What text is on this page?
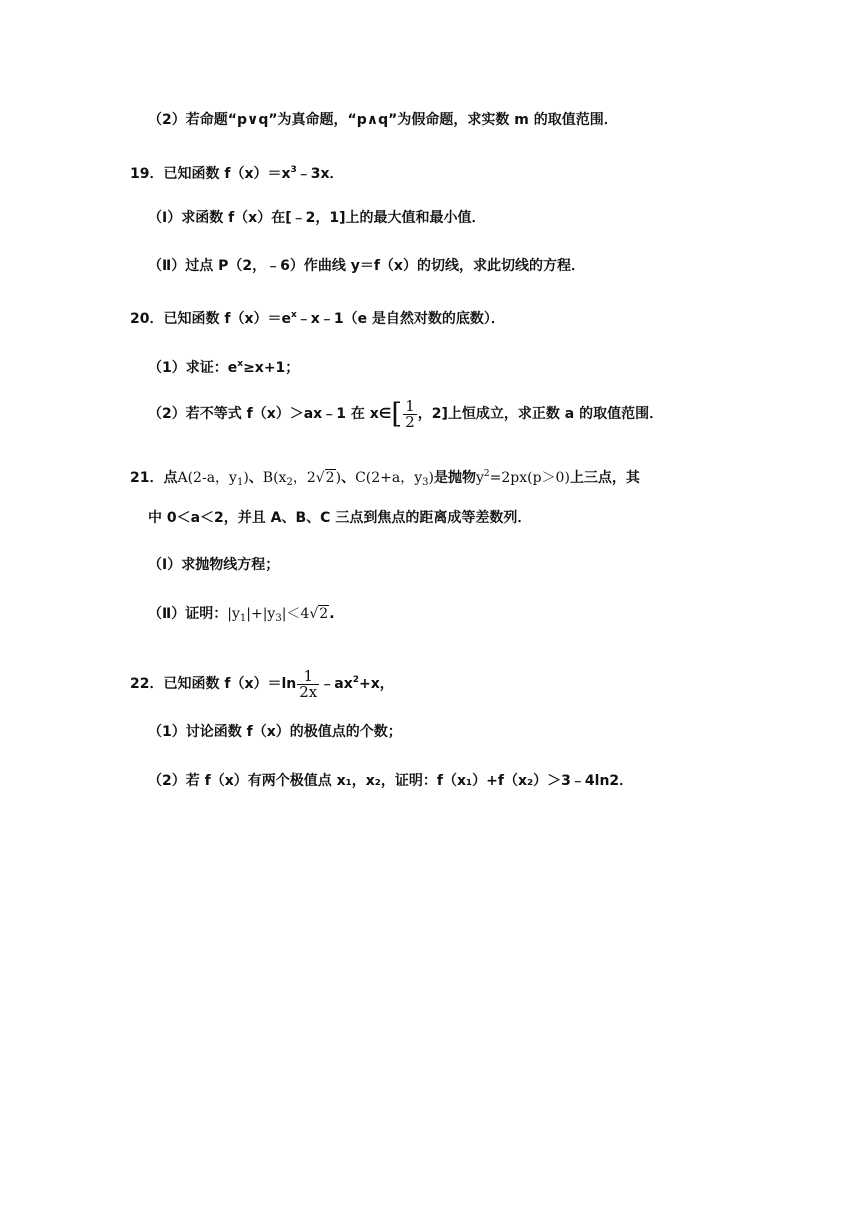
（2）若命题“p∨q”为真命题，“p∧q”为假命题，求实数 m 的取值范围．
19．已知函数 $f(x)=x^3﹣3x$．
（Ⅰ）求函数 f（x）在[﹣2，1]上的最大值和最小值．
（Ⅱ）过点 P（2，﹣6）作曲线 y＝f（x）的切线，求此切线的方程．
20．已知函数 $f(x)=e^x﹣x﹣1(e$ 是自然对数的底数）．
（1）求证：$e^x\ge x+1$；
（2）若不等式 f（x）＞ax﹣1 在 x∈[ $\frac{1}{2}$ ，2]上恒成立，求正数 a 的取值范围．
21．点A(2-a，$y_1$)、$B(x_2$，2√2)、C(2+a，$y_3$)是抛物$y^2=2px(p>0)$上三点，其
中 0＜a＜2，并且 A、B、C 三点到焦点的距离成等差数列．
（Ⅰ）求抛物线方程；
（Ⅱ）证明：$|y_1|+|y_3|<4√2$.
22．已知函数 $f(x)=\ln \frac{1}{2x}$ $﹣ax^2+x$，
（1）讨论函数 f（x）的极值点的个数；
（2）若 f（x）有两个极值点 x₁，x₂，证明：f（x₁）+f（x₂）＞3﹣4ln2．
